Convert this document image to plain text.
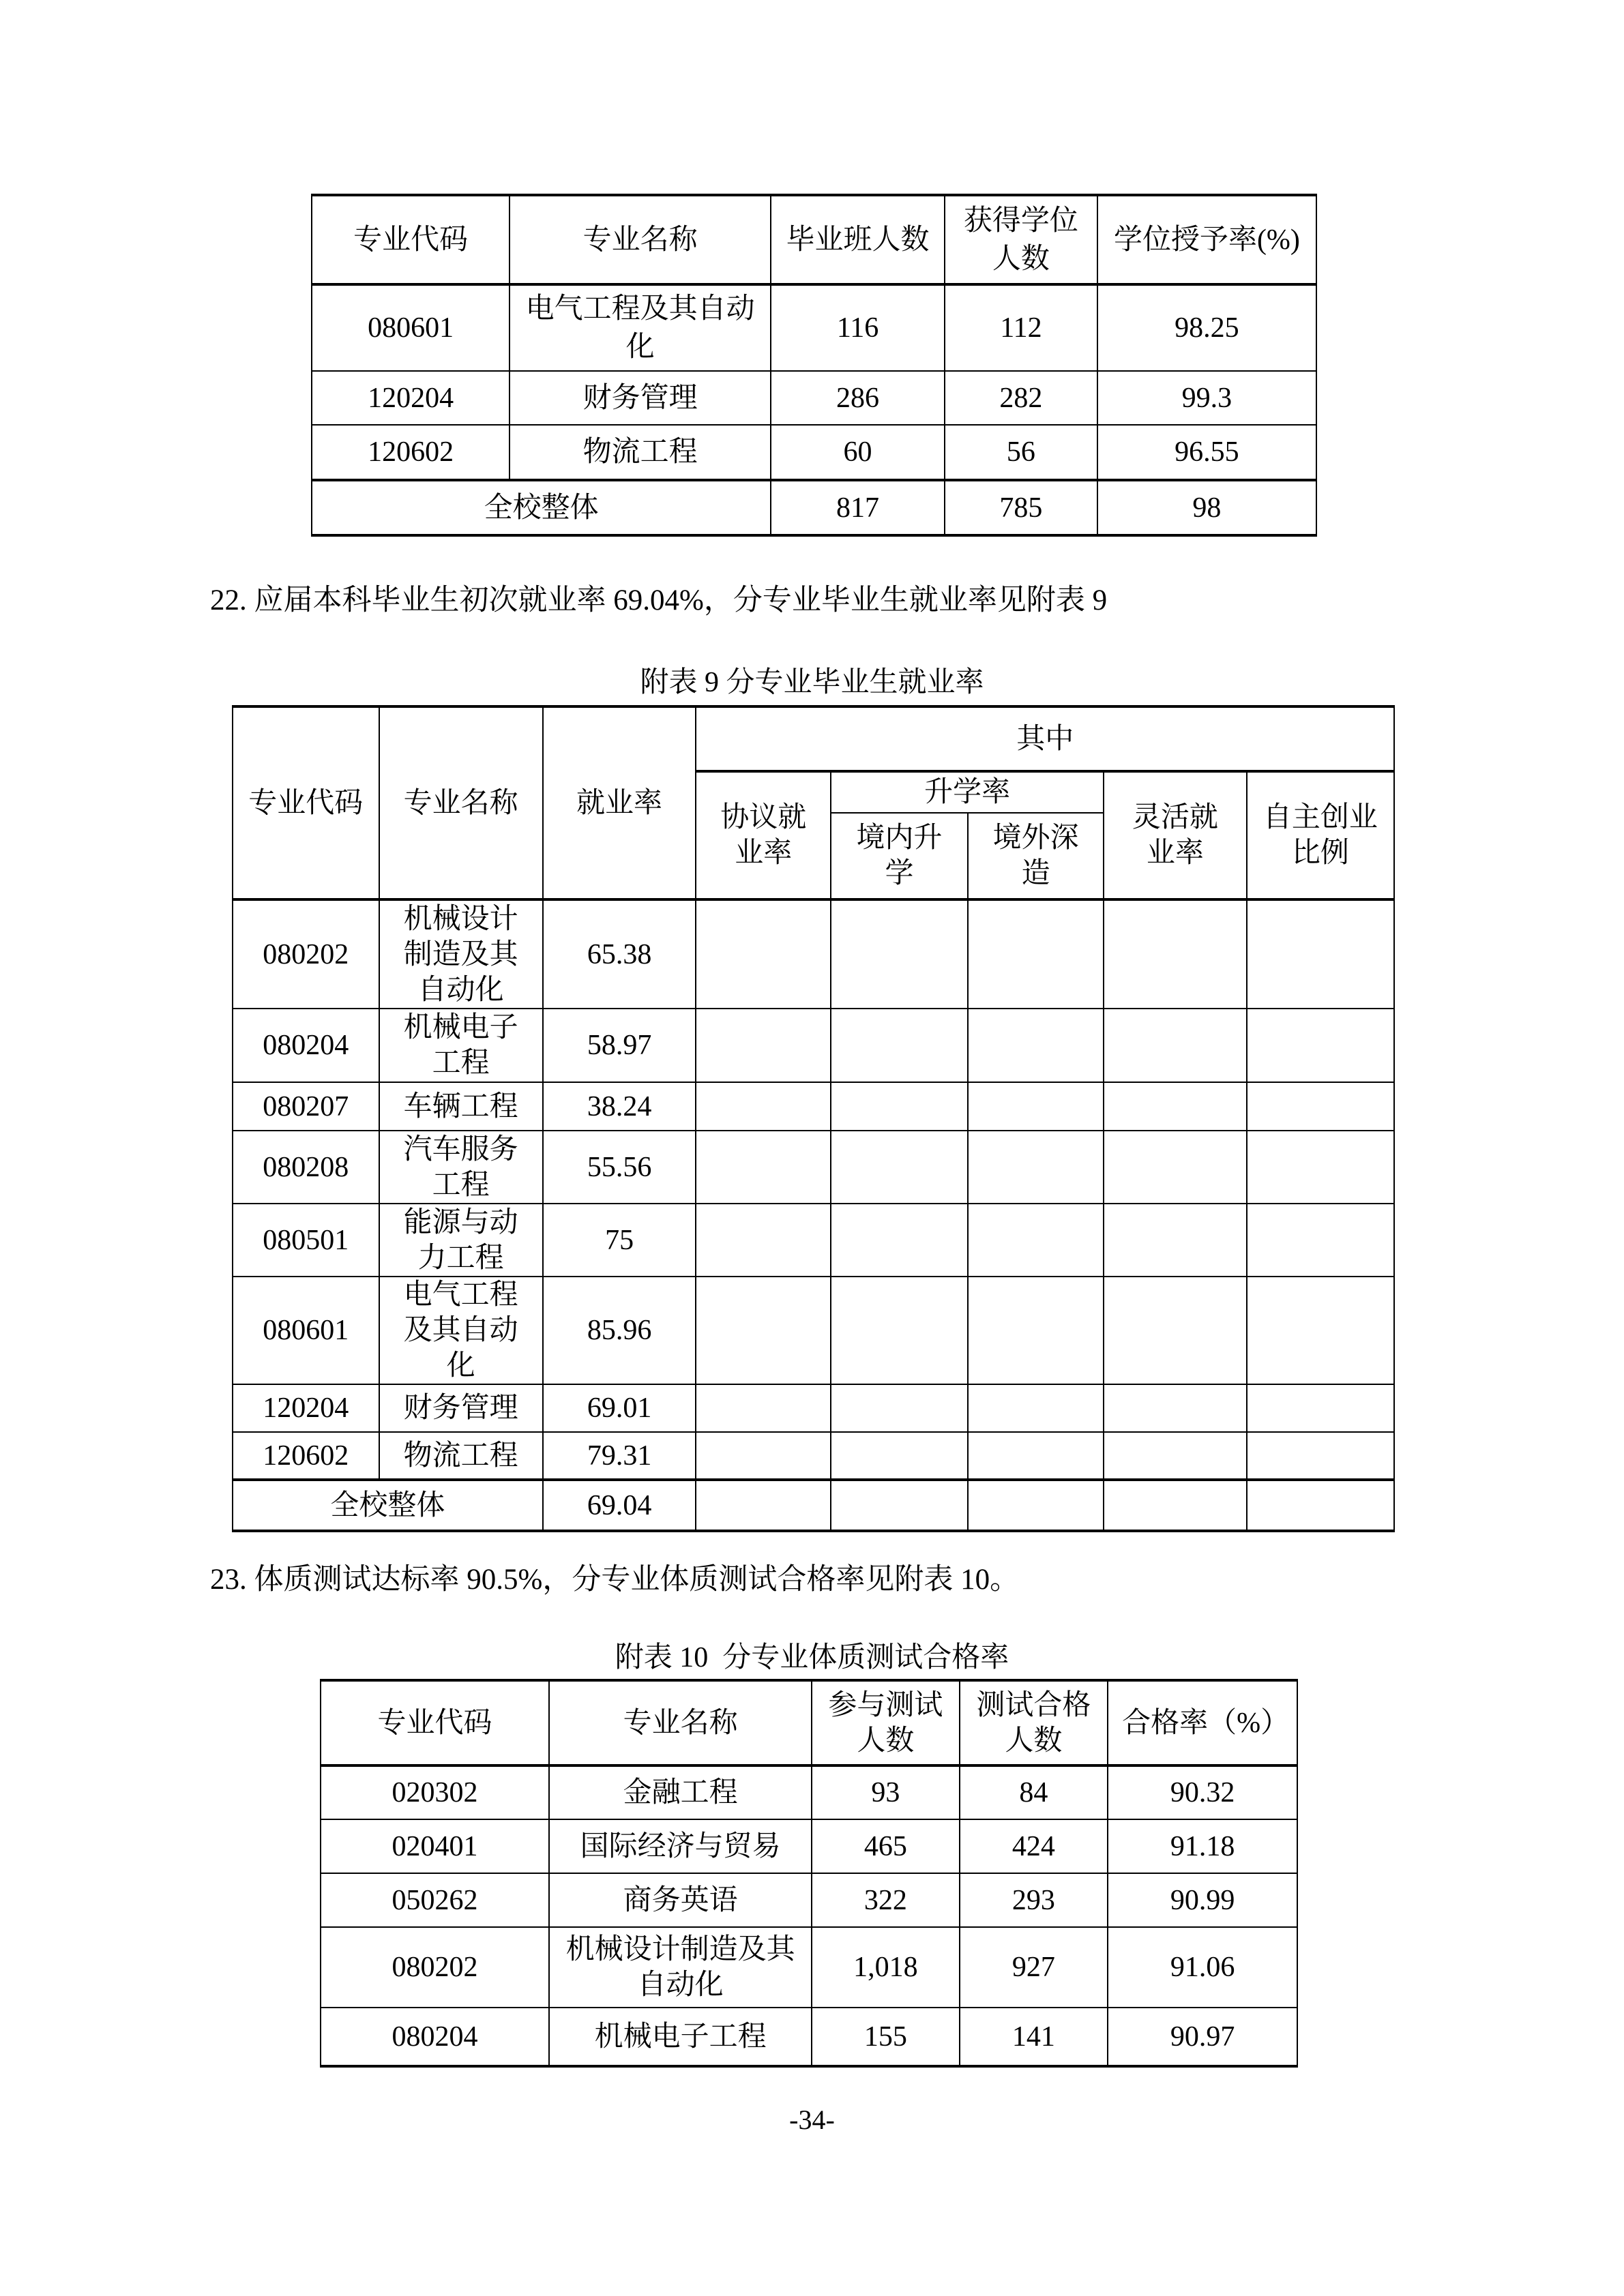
专业代码	专业名称	毕业班人数	获得学位人数	学位授予率(%)
080601	电气工程及其自动化	116	112	98.25
120204	财务管理	286	282	99.3
120602	物流工程	60	56	96.55
全校整体		817	785	98

22. 应届本科毕业生初次就业率 69.04%，分专业毕业生就业率见附表 9

附表 9 分专业毕业生就业率

专业代码	专业名称	就业率	其中				
			协议就业率	升学率		灵活就业率	自主创业比例
				境内升学	境外深造		
080202	机械设计制造及其自动化	65.38					
080204	机械电子工程	58.97					
080207	车辆工程	38.24					
080208	汽车服务工程	55.56					
080501	能源与动力工程	75					
080601	电气工程及其自动化	85.96					
120204	财务管理	69.01					
120602	物流工程	79.31					
全校整体		69.04					

23. 体质测试达标率 90.5%，分专业体质测试合格率见附表 10。

附表 10  分专业体质测试合格率

专业代码	专业名称	参与测试人数	测试合格人数	合格率（%）
020302	金融工程	93	84	90.32
020401	国际经济与贸易	465	424	91.18
050262	商务英语	322	293	90.99
080202	机械设计制造及其自动化	1,018	927	91.06
080204	机械电子工程	155	141	90.97

-34-
